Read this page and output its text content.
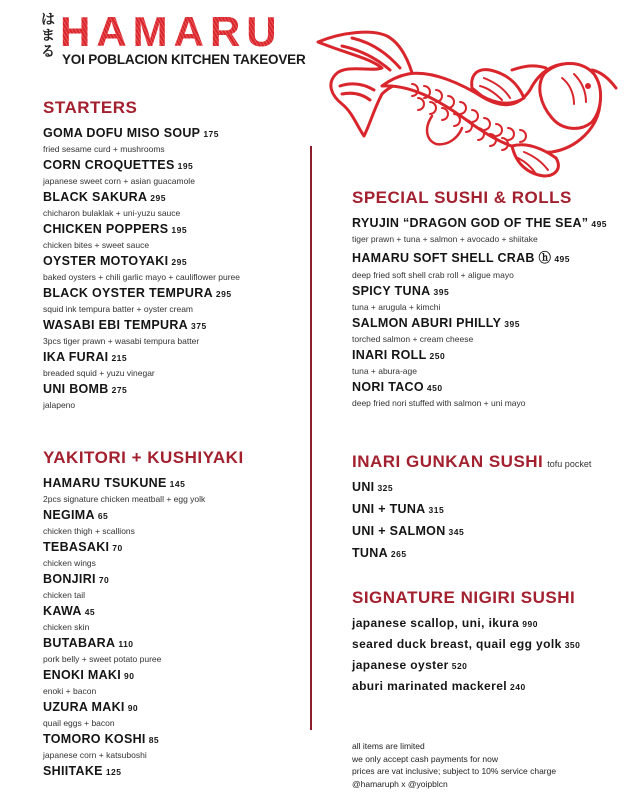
は
ま
る HAMARU
YOI POBLACION KITCHEN TAKEOVER
STARTERS
GOMA DOFU MISO SOUP 175
fried sesame curd + mushrooms
CORN CROQUETTES 195
japanese sweet corn + asian guacamole
BLACK SAKURA 295
chicharon bulaklak + uni-yuzu sauce
CHICKEN POPPERS 195
chicken bites + sweet sauce
OYSTER MOTOYAKI 295
baked oysters + chili garlic mayo + cauliflower puree
BLACK OYSTER TEMPURA 295
squid ink tempura batter + oyster cream
WASABI EBI TEMPURA 375
3pcs tiger prawn + wasabi tempura batter
IKA FURAI 215
breaded squid + yuzu vinegar
UNI BOMB 275
jalapeno
YAKITORI + KUSHIYAKI
HAMARU TSUKUNE 145
2pcs signature chicken meatball + egg yolk
NEGIMA 65
chicken thigh + scallions
TEBASAKI 70
chicken wings
BONJIRI 70
chicken tail
KAWA 45
chicken skin
BUTABARA 110
pork belly + sweet potato puree
ENOKI MAKI 90
enoki + bacon
UZURA MAKI 90
quail eggs + bacon
TOMORO KOSHI 85
japanese corn + katsuboshi
SHIITAKE 125
SPECIAL SUSHI & ROLLS
RYUJIN “DRAGON GOD OF THE SEA” 495
tiger prawn + tuna + salmon + avocado + shiitake
HAMARU SOFT SHELL CRAB ⓗ 495
deep fried soft shell crab roll + aligue mayo
SPICY TUNA 395
tuna + arugula + kimchi
SALMON ABURI PHILLY 395
torched salmon + cream cheese
INARI ROLL 250
tuna + abura-age
NORI TACO 450
deep fried nori stuffed with salmon + uni mayo
INARI GUNKAN SUSHI tofu pocket
UNI 325
UNI + TUNA 315
UNI + SALMON 345
TUNA 265
SIGNATURE NIGIRI SUSHI
japanese scallop, uni, ikura 990
seared duck breast, quail egg yolk 350
japanese oyster 520
aburi marinated mackerel 240
all items are limited
we only accept cash payments for now
prices are vat inclusive; subject to 10% service charge
@hamaruph x @yoipblcn
